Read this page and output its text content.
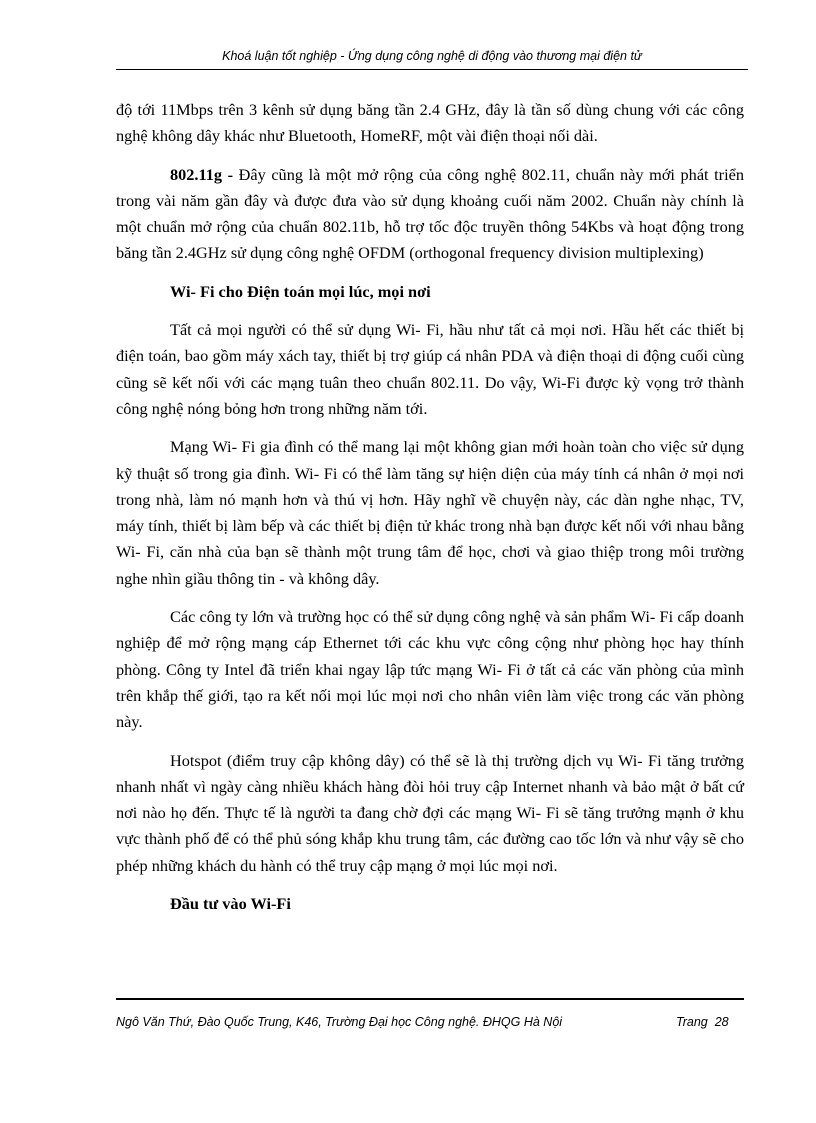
Khoá luận tốt nghiệp - Ứng dụng công nghệ di động vào thương mại điện tử

độ tới 11Mbps trên 3 kênh sử dụng băng tần 2.4 GHz, đây là tần số dùng chung với các công nghệ không dây khác như Bluetooth, HomeRF, một vài điện thoại nối dài.

802.11g - Đây cũng là một mở rộng của công nghệ 802.11, chuẩn này mới phát triển trong vài năm gần đây và được đưa vào sử dụng khoảng cuối năm 2002. Chuẩn này chính là một chuẩn mở rộng của chuẩn 802.11b, hỗ trợ tốc độc truyền thông 54Kbs và hoạt động trong băng tần 2.4GHz sử dụng công nghệ OFDM (orthogonal frequency division multiplexing)

Wi- Fi cho Điện toán mọi lúc, mọi nơi

Tất cả mọi người có thể sử dụng Wi- Fi, hầu như tất cả mọi nơi. Hầu hết các thiết bị điện toán, bao gồm máy xách tay, thiết bị trợ giúp cá nhân PDA và điện thoại di động cuối cùng cũng sẽ kết nối với các mạng tuân theo chuẩn 802.11. Do vậy, Wi-Fi được kỳ vọng trở thành công nghệ nóng bỏng hơn trong những năm tới.

Mạng Wi- Fi gia đình có thể mang lại một không gian mới hoàn toàn cho việc sử dụng kỹ thuật số trong gia đình. Wi- Fi có thể làm tăng sự hiện diện của máy tính cá nhân ở mọi nơi trong nhà, làm nó mạnh hơn và thú vị hơn. Hãy nghĩ về chuyện này, các dàn nghe nhạc, TV, máy tính, thiết bị làm bếp và các thiết bị điện tử khác trong nhà bạn được kết nối với nhau bằng Wi- Fi, căn nhà của bạn sẽ thành một trung tâm để học, chơi và giao thiệp trong môi trường nghe nhìn giầu thông tin - và không dây.

Các công ty lớn và trường học có thể sử dụng công nghệ và sản phẩm Wi- Fi cấp doanh nghiệp để mở rộng mạng cáp Ethernet tới các khu vực công cộng như phòng học hay thính phòng. Công ty Intel đã triển khai ngay lập tức mạng Wi- Fi ở tất cả các văn phòng của mình trên khắp thế giới, tạo ra kết nối mọi lúc mọi nơi cho nhân viên làm việc trong các văn phòng này.

Hotspot (điểm truy cập không dây) có thể sẽ là thị trường dịch vụ Wi- Fi tăng trưởng nhanh nhất vì ngày càng nhiều khách hàng đòi hỏi truy cập Internet nhanh và bảo mật ở bất cứ nơi nào họ đến. Thực tế là người ta đang chờ đợi các mạng Wi- Fi sẽ tăng trưởng mạnh ở khu vực thành phố để có thể phủ sóng khắp khu trung tâm, các đường cao tốc lớn và như vậy sẽ cho phép những khách du hành có thể truy cập mạng ở mọi lúc mọi nơi.

Đầu tư vào Wi-Fi
Ngô Văn Thứ, Đào Quốc Trung, K46, Trường Đại học Công nghệ. ĐHQG Hà Nội	Trang 28
